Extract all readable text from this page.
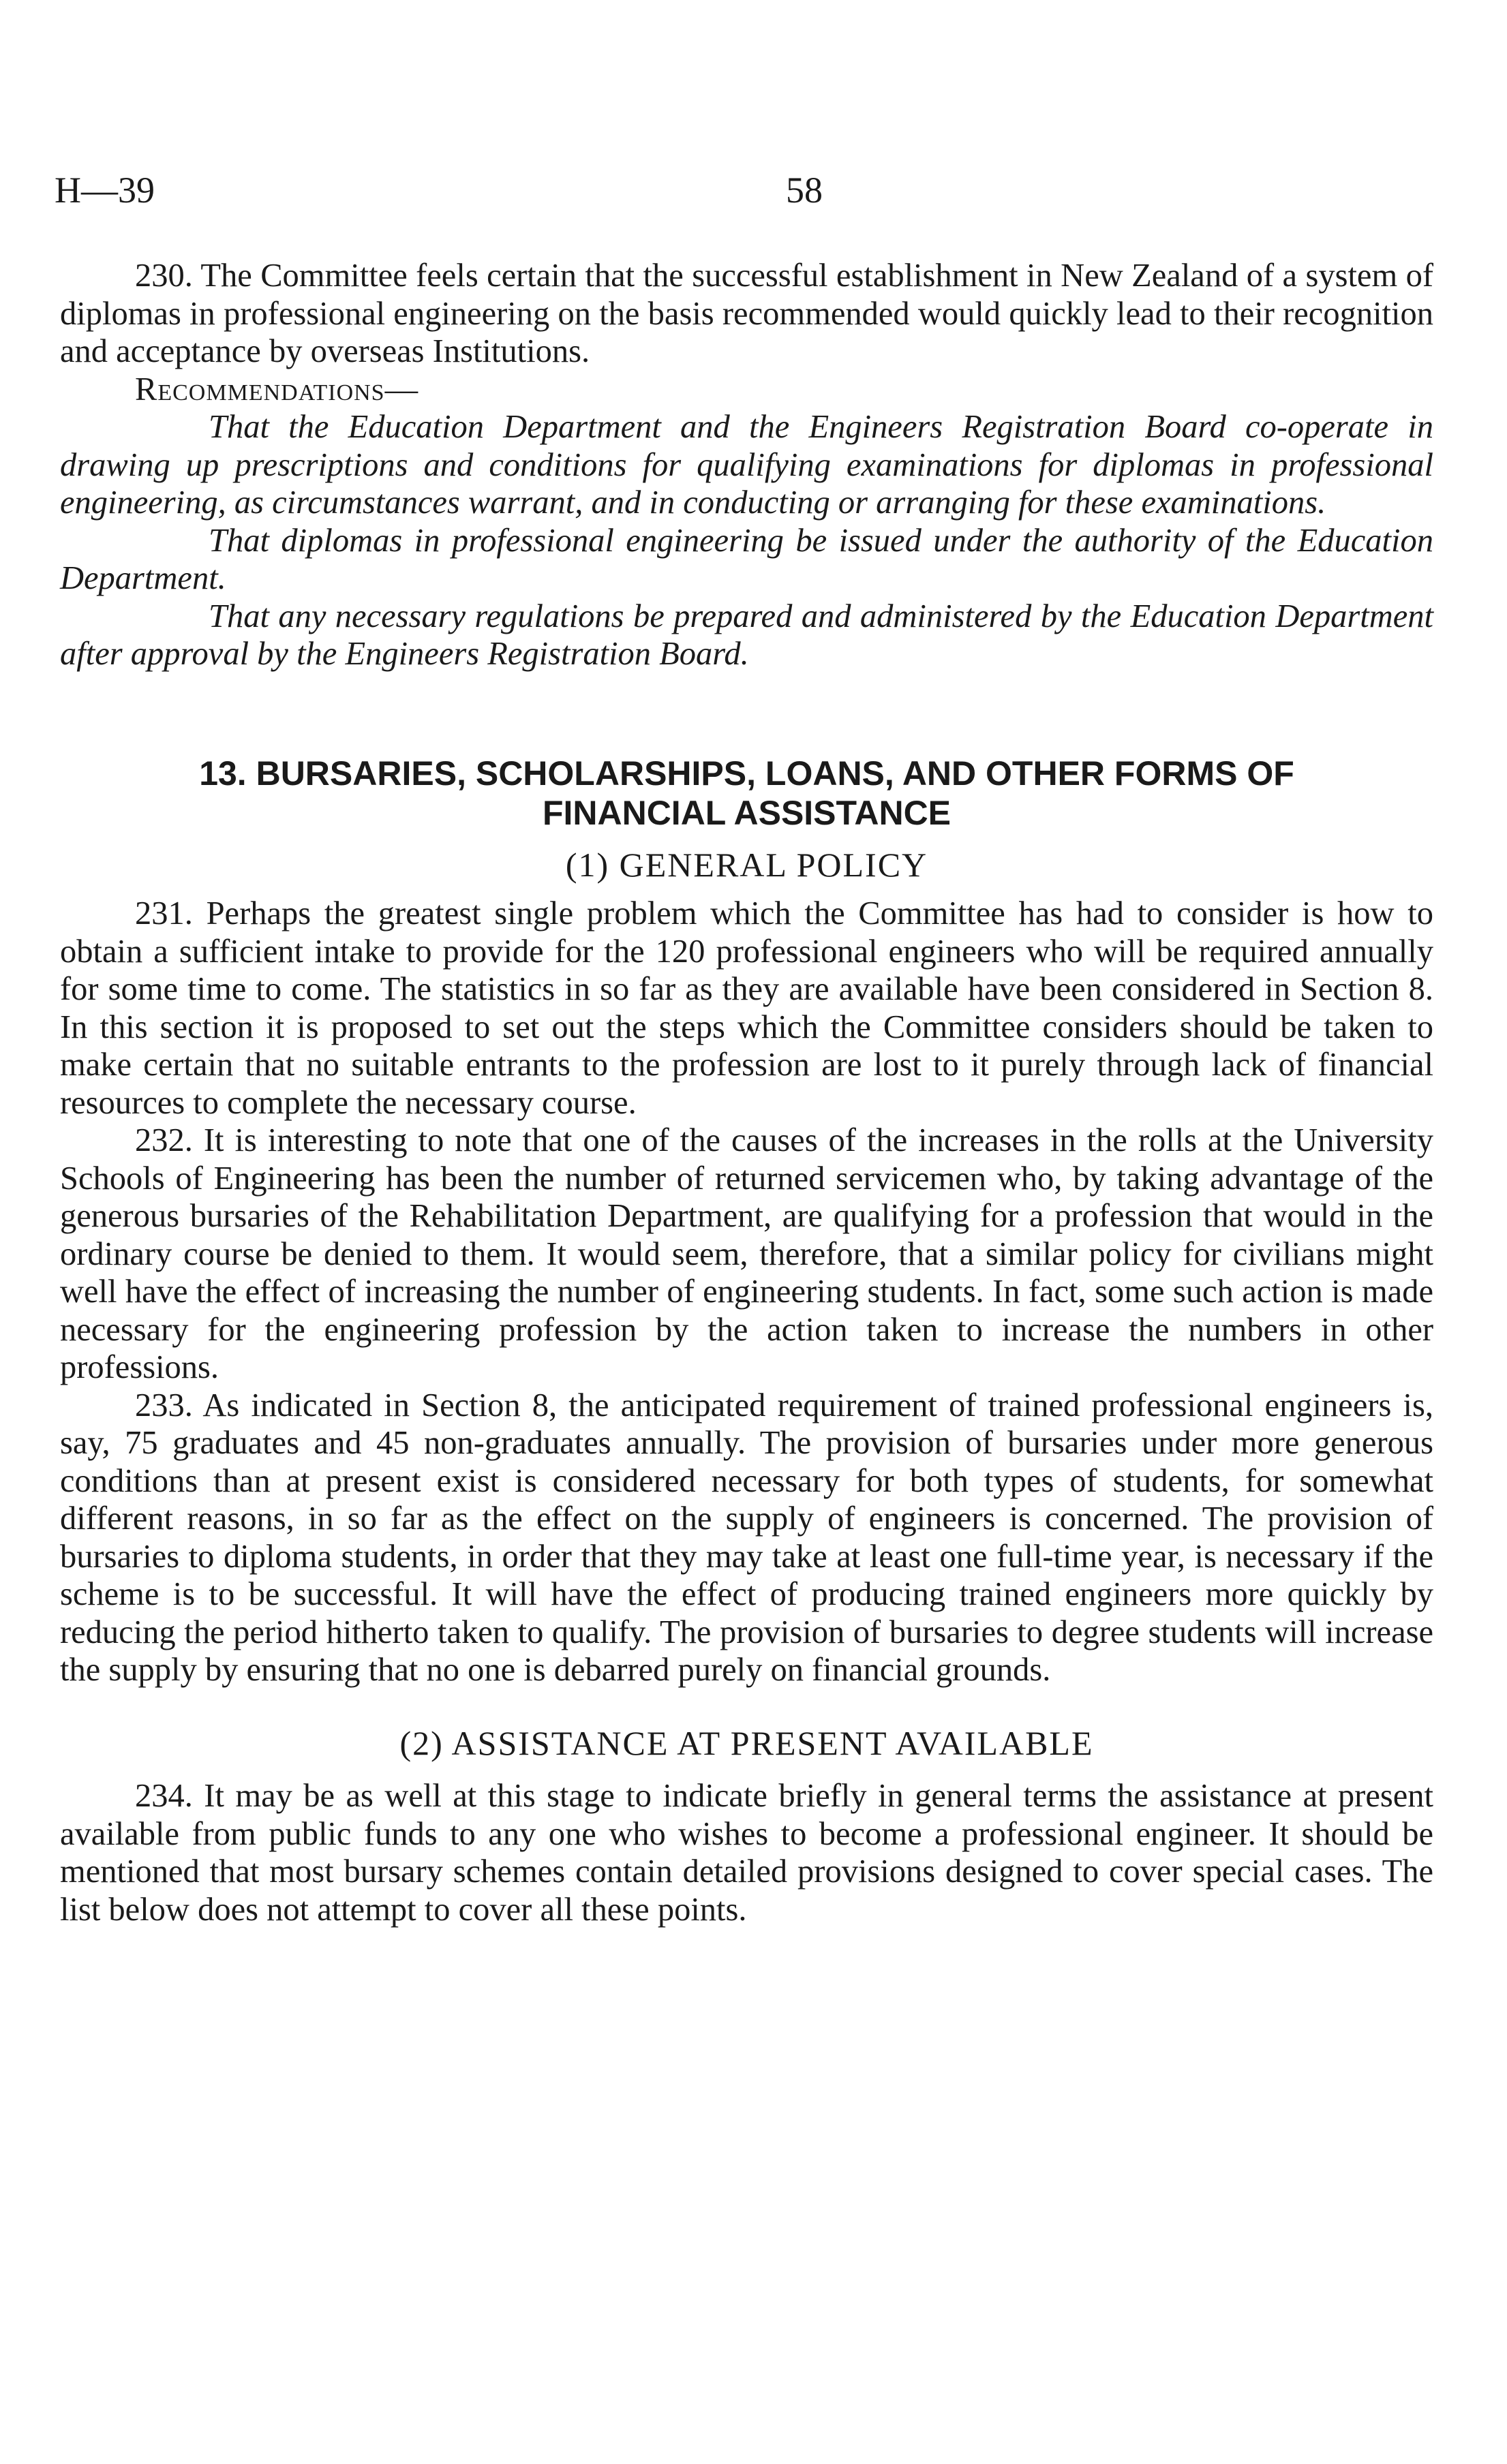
H—39	58

230. The Committee feels certain that the successful establishment in New Zealand of a system of diplomas in professional engineering on the basis recommended would quickly lead to their recognition and acceptance by overseas Institutions.

Recommendations—

That the Education Department and the Engineers Registration Board co-operate in drawing up prescriptions and conditions for qualifying examinations for diplomas in professional engineering, as circumstances warrant, and in conducting or arranging for these examinations.

That diplomas in professional engineering be issued under the authority of the Education Department.

That any necessary regulations be prepared and administered by the Education Department after approval by the Engineers Registration Board.

13. BURSARIES, SCHOLARSHIPS, LOANS, AND OTHER FORMS OF FINANCIAL ASSISTANCE
(1) GENERAL POLICY

231. Perhaps the greatest single problem which the Committee has had to consider is how to obtain a sufficient intake to provide for the 120 professional engineers who will be required annually for some time to come. The statistics in so far as they are available have been considered in Section 8. In this section it is proposed to set out the steps which the Committee considers should be taken to make certain that no suitable entrants to the profession are lost to it purely through lack of financial resources to complete the necessary course.

232. It is interesting to note that one of the causes of the increases in the rolls at the University Schools of Engineering has been the number of returned servicemen who, by taking advantage of the generous bursaries of the Rehabilitation Department, are qualifying for a profession that would in the ordinary course be denied to them. It would seem, therefore, that a similar policy for civilians might well have the effect of increasing the number of engineering students. In fact, some such action is made necessary for the engineering profession by the action taken to increase the numbers in other professions.

233. As indicated in Section 8, the anticipated requirement of trained professional engineers is, say, 75 graduates and 45 non-graduates annually. The provision of bursaries under more generous conditions than at present exist is considered necessary for both types of students, for somewhat different reasons, in so far as the effect on the supply of engineers is concerned. The provision of bursaries to diploma students, in order that they may take at least one full-time year, is necessary if the scheme is to be successful. It will have the effect of producing trained engineers more quickly by reducing the period hitherto taken to qualify. The provision of bursaries to degree students will increase the supply by ensuring that no one is debarred purely on financial grounds.

(2) ASSISTANCE AT PRESENT AVAILABLE

234. It may be as well at this stage to indicate briefly in general terms the assistance at present available from public funds to any one who wishes to become a professional engineer. It should be mentioned that most bursary schemes contain detailed provisions designed to cover special cases. The list below does not attempt to cover all these points.
